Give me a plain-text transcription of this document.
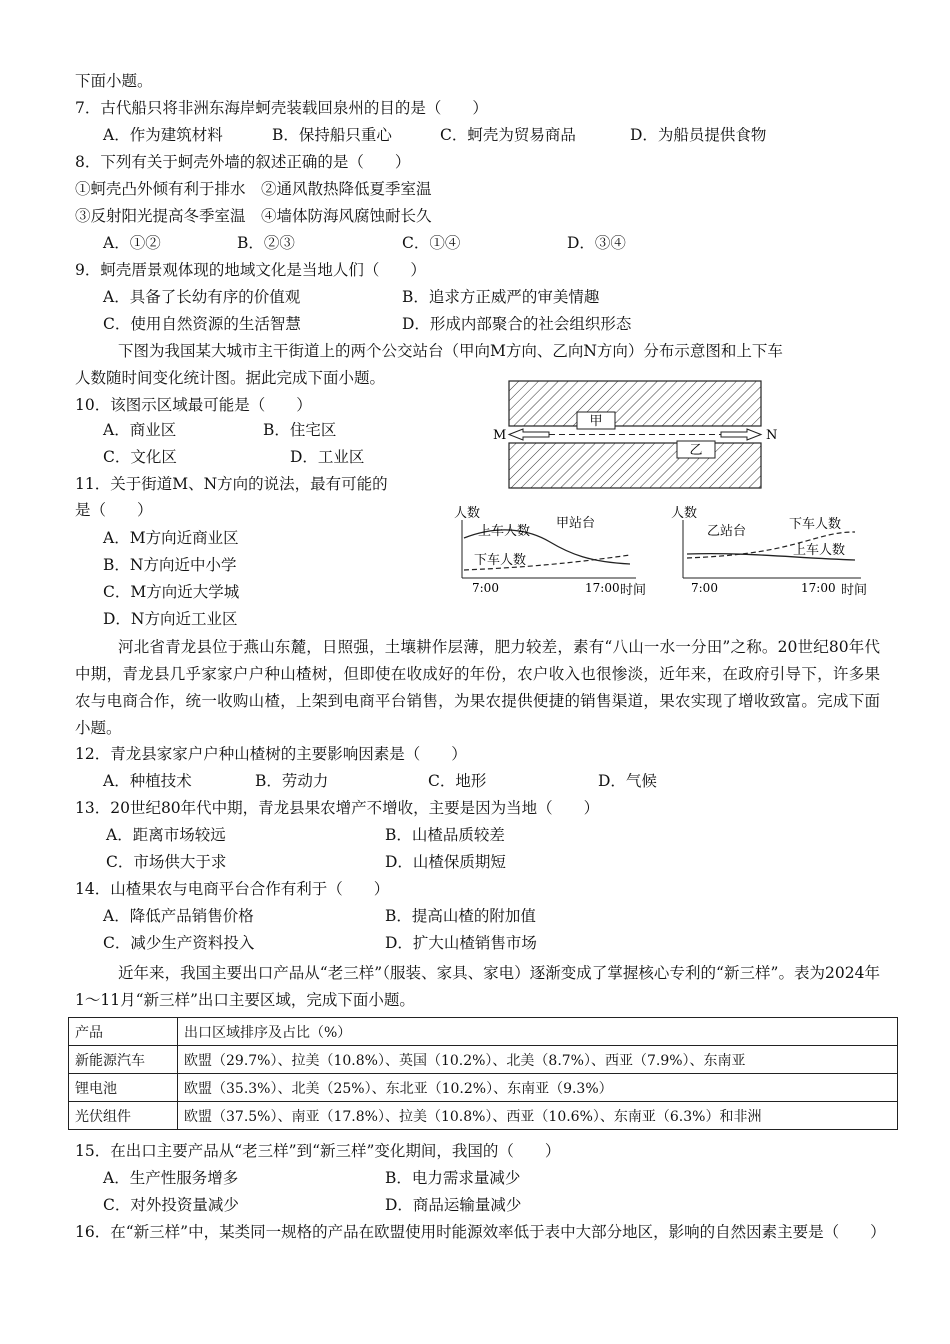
下面小题。
7．古代船只将非洲东海岸蚵壳装载回泉州的目的是（　　）
A．作为建筑材料	B．保持船只重心	C．蚵壳为贸易商品	D．为船员提供食物
8．下列有关于蚵壳外墙的叙述正确的是（　　）
①蚵壳凸外倾有利于排水　②通风散热降低夏季室温
③反射阳光提高冬季室温　④墙体防海风腐蚀耐长久
A．①②	B．②③	C．①④	D．③④
9．蚵壳厝景观体现的地域文化是当地人们（　　）
A．具备了长幼有序的价值观	B．追求方正威严的审美情趣
C．使用自然资源的生活智慧	D．形成内部聚合的社会组织形态
下图为我国某大城市主干街道上的两个公交站台（甲向M方向、乙向N方向）分布示意图和上下车
人数随时间变化统计图。据此完成下面小题。
10．该图示区域最可能是（　　）
A．商业区	B．住宅区
C．文化区	D．工业区
11．关于街道M、N方向的说法，最有可能的
是（　　）
A．M方向近商业区
B．N方向近中小学
C．M方向近大学城
D．N方向近工业区
甲
乙
M	N
人数
上车人数
甲站台
下车人数
7:00	17:00 时间
人数
乙站台	下车人数
上车人数
7:00	17:00 时间
河北省青龙县位于燕山东麓，日照强，土壤耕作层薄，肥力较差，素有“八山一水一分田”之称。20世纪80年代中期，青龙县几乎家家户户种山楂树，但即使在收成好的年份，农户收入也很惨淡，近年来，在政府引导下，许多果农与电商合作，统一收购山楂，上架到电商平台销售，为果农提供便捷的销售渠道，果农实现了增收致富。完成下面小题。
12．青龙县家家户户种山楂树的主要影响因素是（　　）
A．种植技术	B．劳动力	C．地形	D．气候
13．20世纪80年代中期，青龙县果农增产不增收，主要是因为当地（　　）
A．距离市场较远	B．山楂品质较差
C．市场供大于求	D．山楂保质期短
14．山楂果农与电商平台合作有利于（　　）
A．降低产品销售价格	B．提高山楂的附加值
C．减少生产资料投入	D．扩大山楂销售市场
近年来，我国主要出口产品从“老三样”（服装、家具、家电）逐渐变成了掌握核心专利的“新三样”。表为2024年1～11月“新三样”出口主要区域，完成下面小题。
产品	出口区域排序及占比（%）
新能源汽车	欧盟（29.7%）、拉美（10.8%）、英国（10.2%）、北美（8.7%）、西亚（7.9%）、东南亚
锂电池	欧盟（35.3%）、北美（25%）、东北亚（10.2%）、东南亚（9.3%）
光伏组件	欧盟（37.5%）、南亚（17.8%）、拉美（10.8%）、西亚（10.6%）、东南亚（6.3%）和非洲
15．在出口主要产品从“老三样”到“新三样”变化期间，我国的（　　）
A．生产性服务增多	B．电力需求量减少
C．对外投资量减少	D．商品运输量减少
16．在“新三样”中，某类同一规格的产品在欧盟使用时能源效率低于表中大部分地区，影响的自然因素主要是（　　）
